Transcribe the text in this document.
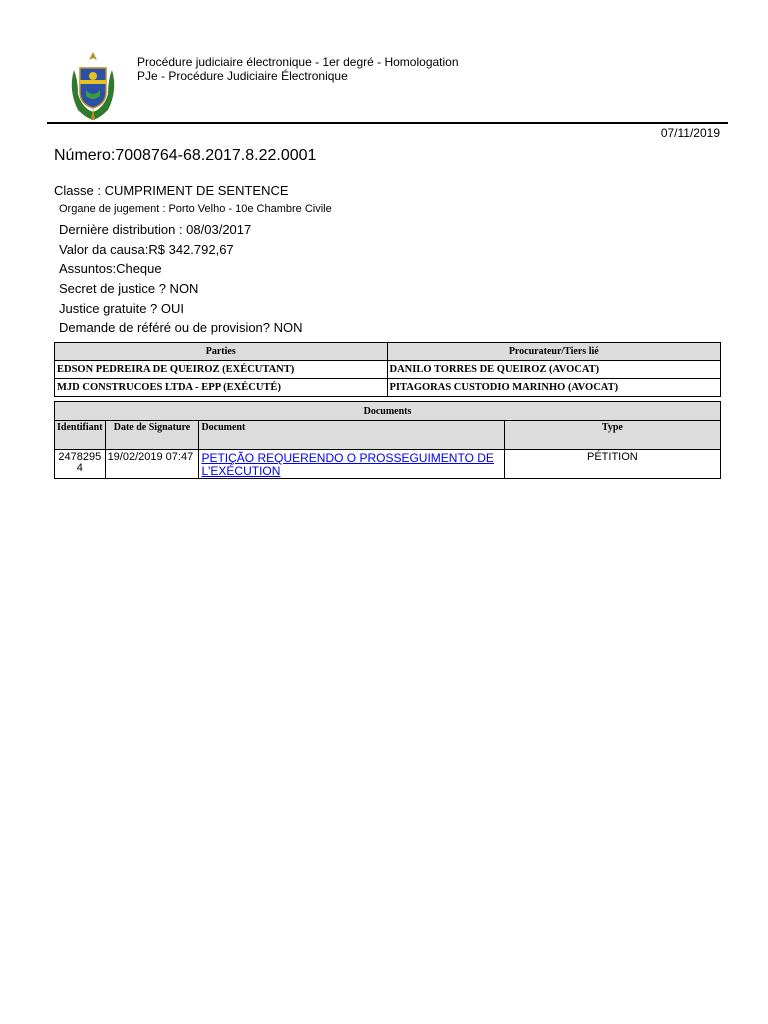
Procédure judiciaire électronique - 1er degré - Homologation
PJe - Procédure Judiciaire Électronique
07/11/2019
Número:7008764-68.2017.8.22.0001
Classe : CUMPRIMENT DE SENTENCE
Organe de jugement : Porto Velho - 10e Chambre Civile
Dernière distribution : 08/03/2017
Valor da causa:R$ 342.792,67
Assuntos:Cheque
Secret de justice ? NON
Justice gratuite ? OUI
Demande de référé ou de provision? NON
Parties	Procurateur/Tiers lié
EDSON PEDREIRA DE QUEIROZ (EXÉCUTANT)	DANILO TORRES DE QUEIROZ (AVOCAT)
MJD CONSTRUCOES LTDA - EPP (EXÉCUTÉ)	PITAGORAS CUSTODIO MARINHO (AVOCAT)
Documents			
Identifiant	Date de Signature	Document	Type
24782954	19/02/2019 07:47	PETIÇÃO REQUERENDO O PROSSEGUIMENTO DE L'EXÉCUTION	PÉTITION
